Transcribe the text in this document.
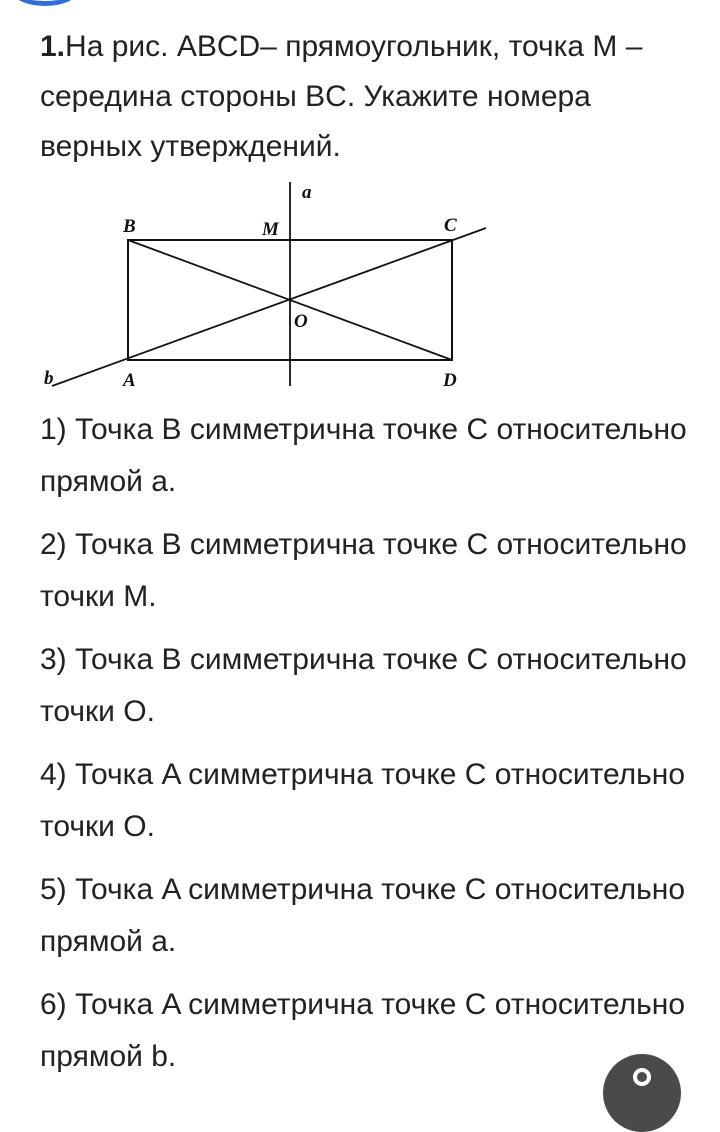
1.На рис. ABCD– прямоугольник, точка M – середина стороны BC. Укажите номера верных утверждений.

a
B	M	C
O
b	A	D
1) Точка B симметрична точке C относительно прямой a.
2) Точка B симметрична точке C относительно точки M.
3) Точка B симметрична точке C относительно точки O.
4) Точка A симметрична точке C относительно точки O.
5) Точка A симметрична точке C относительно прямой a.
6) Точка A симметрична точке C относительно прямой b.
